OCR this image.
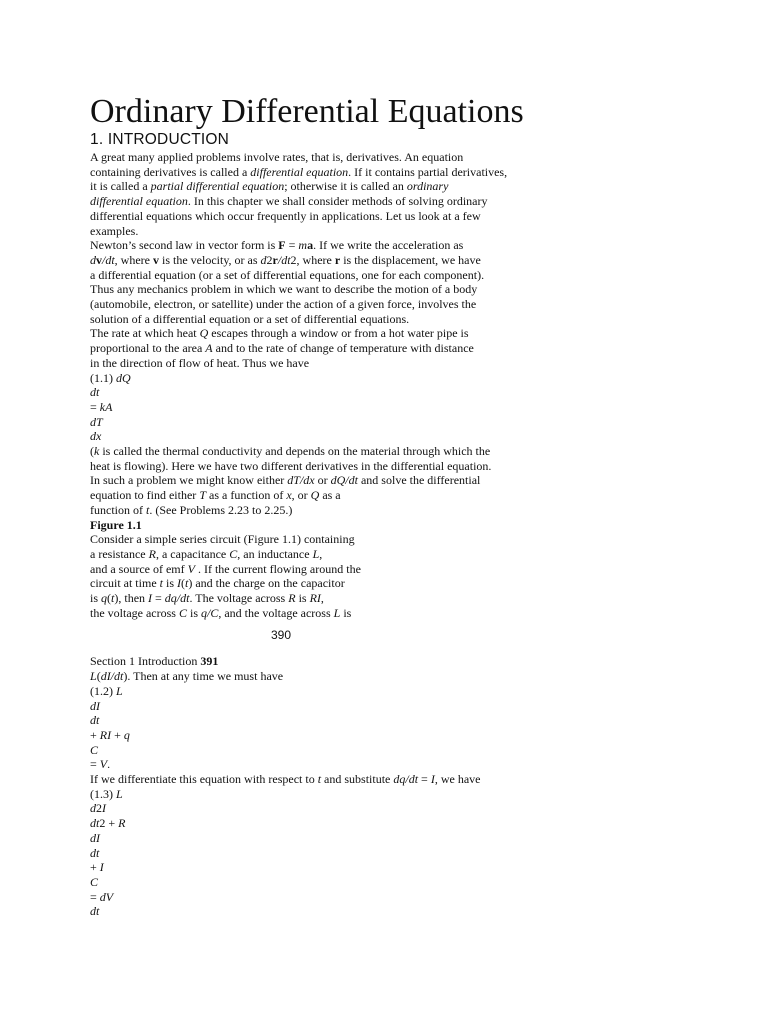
Ordinary Differential Equations
1. INTRODUCTION
A great many applied problems involve rates, that is, derivatives. An equation
containing derivatives is called a differential equation. If it contains partial derivatives,
it is called a partial differential equation; otherwise it is called an ordinary
differential equation. In this chapter we shall consider methods of solving ordinary
differential equations which occur frequently in applications. Let us look at a few
examples.
Newton’s second law in vector form is F = ma. If we write the acceleration as
dv/dt, where v is the velocity, or as d2r/dt2, where r is the displacement, we have
a differential equation (or a set of differential equations, one for each component).
Thus any mechanics problem in which we want to describe the motion of a body
(automobile, electron, or satellite) under the action of a given force, involves the
solution of a differential equation or a set of differential equations.
The rate at which heat Q escapes through a window or from a hot water pipe is
proportional to the area A and to the rate of change of temperature with distance
in the direction of flow of heat. Thus we have
(1.1) dQ
dt
= kA
dT
dx
(k is called the thermal conductivity and depends on the material through which the
heat is flowing). Here we have two different derivatives in the differential equation.
In such a problem we might know either dT/dx or dQ/dt and solve the differential
equation to find either T as a function of x, or Q as a
function of t. (See Problems 2.23 to 2.25.)
Figure 1.1
Consider a simple series circuit (Figure 1.1) containing
a resistance R, a capacitance C, an inductance L,
and a source of emf V . If the current flowing around the
circuit at time t is I(t) and the charge on the capacitor
is q(t), then I = dq/dt. The voltage across R is RI,
the voltage across C is q/C, and the voltage across L is
Section 1 Introduction 391
L(dI/dt). Then at any time we must have
(1.2) L
dI
dt
+ RI + q
C
= V.
If we differentiate this equation with respect to t and substitute dq/dt = I, we have
(1.3) L
d2I
dt2 + R
dI
dt
+ I
C
= dV
dt
390
